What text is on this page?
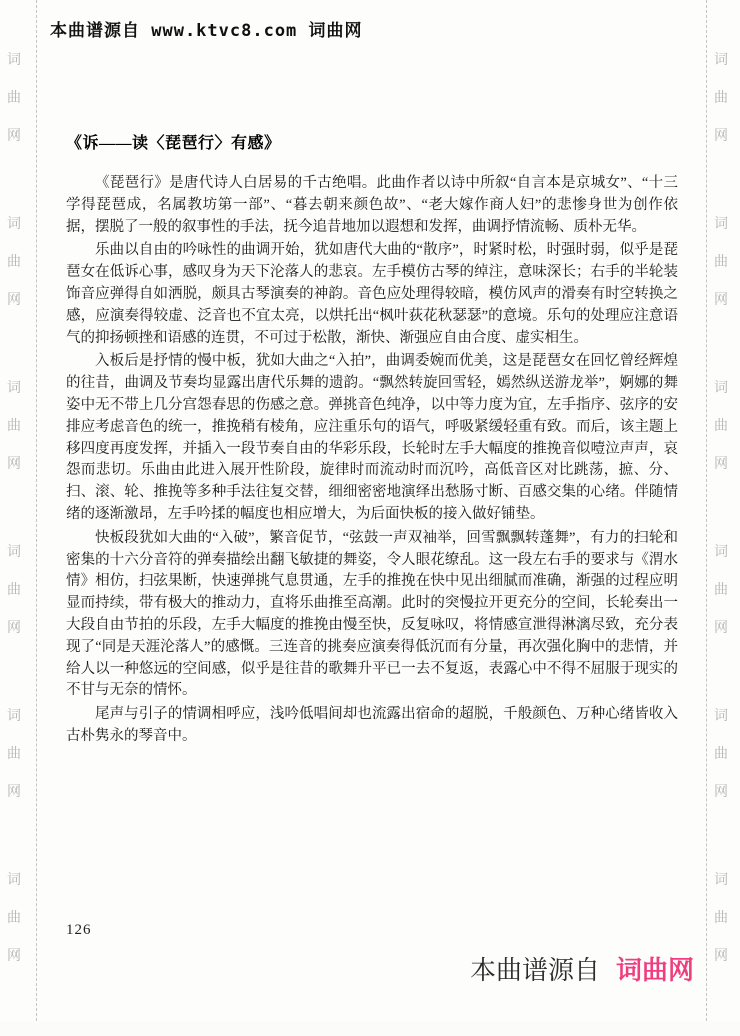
词
曲
网
词
曲
网
词
曲
网
词
曲
网
词
曲
网
词
曲
网
词
曲
网
词
曲
网
词
曲
网
词
曲
网
词
曲
网
词
曲
网
本曲谱源自 www.ktvc8.com 词曲网
《诉——读〈琵琶行〉有感》

《琵琶行》是唐代诗人白居易的千古绝唱。此曲作者以诗中所叙“自言本是京城女”、“十三学得琵琶成，名属教坊第一部”、“暮去朝来颜色故”、“老大嫁作商人妇”的悲惨身世为创作依据，摆脱了一般的叙事性的手法，抚今追昔地加以遐想和发挥，曲调抒情流畅、质朴无华。

乐曲以自由的吟咏性的曲调开始，犹如唐代大曲的“散序”，时紧时松，时强时弱，似乎是琵琶女在低诉心事，感叹身为天下沦落人的悲哀。左手模仿古琴的绰注，意味深长；右手的半轮装饰音应弹得自如洒脱，颇具古琴演奏的神韵。音色应处理得较暗，模仿风声的滑奏有时空转换之感，应演奏得较虚、泛音也不宜太亮，以烘托出“枫叶荻花秋瑟瑟”的意境。乐句的处理应注意语气的抑扬顿挫和语感的连贯，不可过于松散，渐快、渐强应自由合度、虚实相生。

入板后是抒情的慢中板，犹如大曲之“入拍”，曲调委婉而优美，这是琵琶女在回忆曾经辉煌的往昔，曲调及节奏均显露出唐代乐舞的遗韵。“飘然转旋回雪轻，嫣然纵送游龙举”，婀娜的舞姿中无不带上几分宫怨春思的伤感之意。弹挑音色纯净，以中等力度为宜，左手指序、弦序的安排应考虑音色的统一，推挽稍有棱角，应注重乐句的语气，呼吸紧缓轻重有致。而后，该主题上移四度再度发挥，并插入一段节奏自由的华彩乐段，长轮时左手大幅度的推挽音似噎泣声声，哀怨而悲切。乐曲由此进入展开性阶段，旋律时而流动时而沉吟，高低音区对比跳荡，摭、分、扫、滚、轮、推挽等多种手法往复交替，细细密密地演绎出愁肠寸断、百感交集的心绪。伴随情绪的逐渐激昂，左手吟揉的幅度也相应增大，为后面快板的接入做好铺垫。

快板段犹如大曲的“入破”，繁音促节，“弦鼓一声双袖举，回雪飘飘转蓬舞”，有力的扫轮和密集的十六分音符的弹奏描绘出翻飞敏捷的舞姿，令人眼花缭乱。这一段左右手的要求与《渭水情》相仿，扫弦果断，快速弹挑气息贯通，左手的推挽在快中见出细腻而准确，渐强的过程应明显而持续，带有极大的推动力，直将乐曲推至高潮。此时的突慢拉开更充分的空间，长轮奏出一大段自由节拍的乐段，左手大幅度的推挽由慢至快，反复咏叹，将情感宣泄得淋漓尽致，充分表现了“同是天涯沦落人”的感慨。三连音的挑奏应演奏得低沉而有分量，再次强化胸中的悲情，并给人以一种悠远的空间感，似乎是往昔的歌舞升平已一去不复返，表露心中不得不屈服于现实的不甘与无奈的情怀。

尾声与引子的情调相呼应，浅吟低唱间却也流露出宿命的超脱，千般颜色、万种心绪皆收入古朴隽永的琴音中。

126
本曲谱源自 词曲网
